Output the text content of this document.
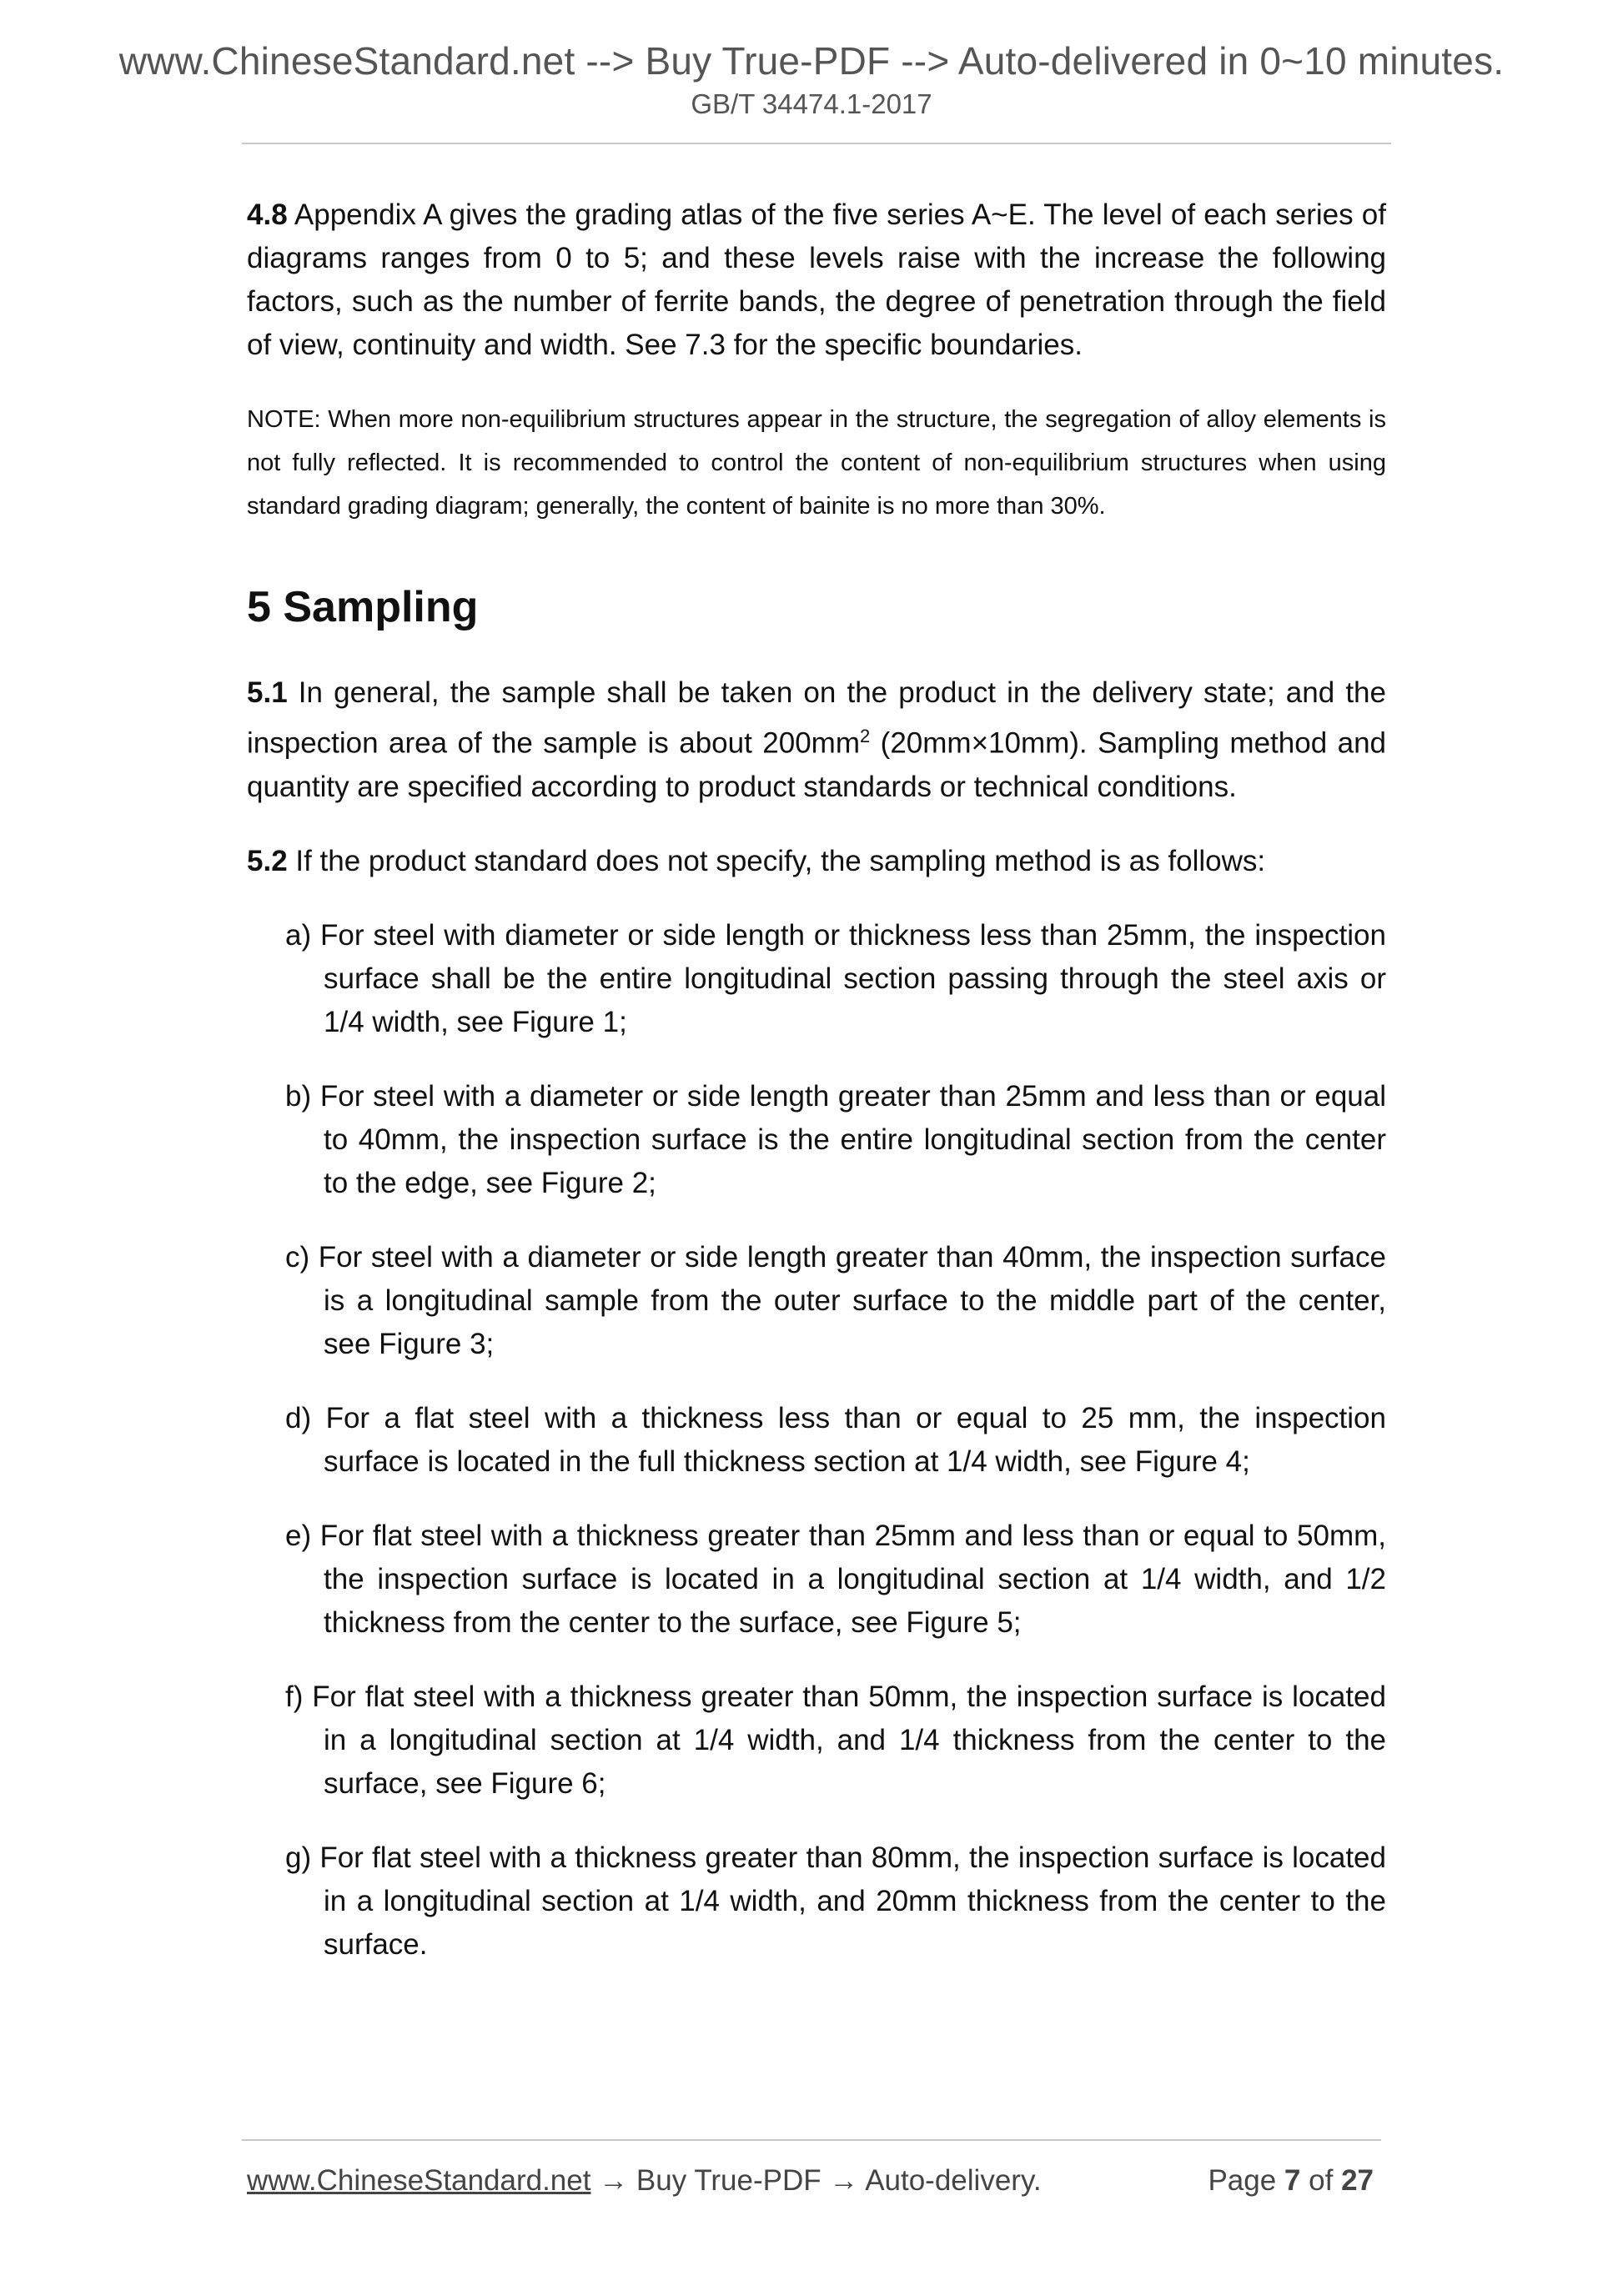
www.ChineseStandard.net --> Buy True-PDF --> Auto-delivered in 0~10 minutes.
GB/T 34474.1-2017

4.8 Appendix A gives the grading atlas of the five series A~E. The level of each series of diagrams ranges from 0 to 5; and these levels raise with the increase the following factors, such as the number of ferrite bands, the degree of penetration through the field of view, continuity and width. See 7.3 for the specific boundaries.

NOTE: When more non-equilibrium structures appear in the structure, the segregation of alloy elements is not fully reflected. It is recommended to control the content of non-equilibrium structures when using standard grading diagram; generally, the content of bainite is no more than 30%.

5 Sampling

5.1 In general, the sample shall be taken on the product in the delivery state; and the inspection area of the sample is about $200mm^2$ (20mm×10mm). Sampling method and quantity are specified according to product standards or technical conditions.

5.2 If the product standard does not specify, the sampling method is as follows:

a) For steel with diameter or side length or thickness less than 25mm, the inspection surface shall be the entire longitudinal section passing through the steel axis or 1/4 width, see Figure 1;
b) For steel with a diameter or side length greater than 25mm and less than or equal to 40mm, the inspection surface is the entire longitudinal section from the center to the edge, see Figure 2;
c) For steel with a diameter or side length greater than 40mm, the inspection surface is a longitudinal sample from the outer surface to the middle part of the center, see Figure 3;
d) For a flat steel with a thickness less than or equal to 25 mm, the inspection surface is located in the full thickness section at 1/4 width, see Figure 4;
e) For flat steel with a thickness greater than 25mm and less than or equal to 50mm, the inspection surface is located in a longitudinal section at 1/4 width, and 1/2 thickness from the center to the surface, see Figure 5;
f) For flat steel with a thickness greater than 50mm, the inspection surface is located in a longitudinal section at 1/4 width, and 1/4 thickness from the center to the surface, see Figure 6;
g) For flat steel with a thickness greater than 80mm, the inspection surface is located in a longitudinal section at 1/4 width, and 20mm thickness from the center to the surface.
www.ChineseStandard.net → Buy True-PDF → Auto-delivery.	Page 7 of 27
